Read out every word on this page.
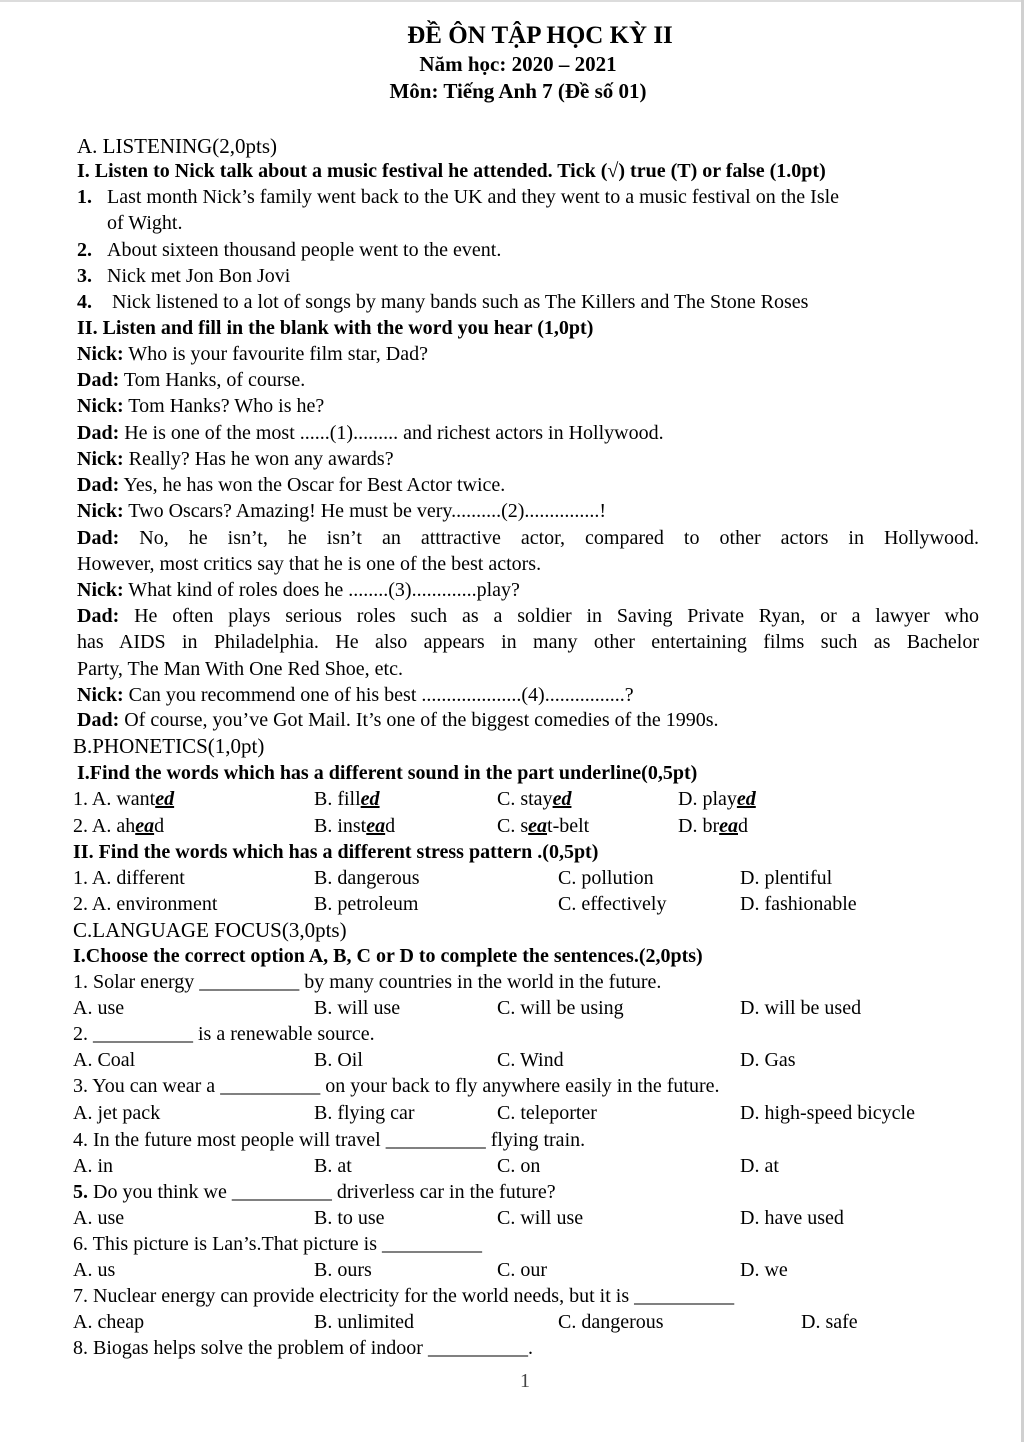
ĐỀ ÔN TẬP HỌC KỲ II
Năm học: 2020 – 2021
Môn: Tiếng Anh 7 (Đề số 01)
A. LISTENING(2,0pts)
I. Listen to Nick talk about a music festival he attended. Tick (√) true (T) or false (1.0pt)
1. Last month Nick’s family went back to the UK and they went to a music festival on the Isle
of Wight.
2. About sixteen thousand people went to the event.
3. Nick met Jon Bon Jovi
4. Nick listened to a lot of songs by many bands such as The Killers and The Stone Roses
II. Listen and fill in the blank with the word you hear (1,0pt)
Nick: Who is your favourite film star, Dad?
Dad: Tom Hanks, of course.
Nick: Tom Hanks? Who is he?
Dad: He is one of the most ......(1)......... and richest actors in Hollywood.
Nick: Really? Has he won any awards?
Dad: Yes, he has won the Oscar for Best Actor twice.
Nick: Two Oscars? Amazing! He must be very..........(2)...............!
Dad: No, he isn’t, he isn’t an atttractive actor, compared to other actors in Hollywood.
However, most critics say that he is one of the best actors.
Nick: What kind of roles does he ........(3).............play?
Dad: He often plays serious roles such as a soldier in Saving Private Ryan, or a lawyer who
has AIDS in Philadelphia. He also appears in many other entertaining films such as Bachelor
Party, The Man With One Red Shoe, etc.
Nick: Can you recommend one of his best ....................(4)................?
Dad: Of course, you’ve Got Mail. It’s one of the biggest comedies of the 1990s.
B.PHONETICS(1,0pt)
I.Find the words which has a different sound in the part underline(0,5pt)
1. A. wanted	B. filled	C. stayed	D. played
2. A. ahead	B. instead	C. seat-belt	D. bread
II. Find the words which has a different stress pattern .(0,5pt)
1. A. different	B. dangerous	C. pollution	D. plentiful
2. A. environment	B. petroleum	C. effectively	D. fashionable
C.LANGUAGE FOCUS(3,0pts)
I.Choose the correct option A, B, C or D to complete the sentences.(2,0pts)
1. Solar energy __________ by many countries in the world in the future.
A. use	B. will use	C. will be using	D. will be used
2. __________ is a renewable source.
A. Coal	B. Oil	C. Wind	D. Gas
3. You can wear a __________ on your back to fly anywhere easily in the future.
A. jet pack	B. flying car	C. teleporter	D. high-speed bicycle
4. In the future most people will travel __________ flying train.
A. in	B. at	C. on	D. at
5. Do you think we __________ driverless car in the future?
A. use	B. to use	C. will use	D. have used
6. This picture is Lan’s.That picture is __________
A. us	B. ours	C. our	D. we
7. Nuclear energy can provide electricity for the world needs, but it is __________
A. cheap	B. unlimited	C. dangerous	D. safe
8. Biogas helps solve the problem of indoor __________.
1
